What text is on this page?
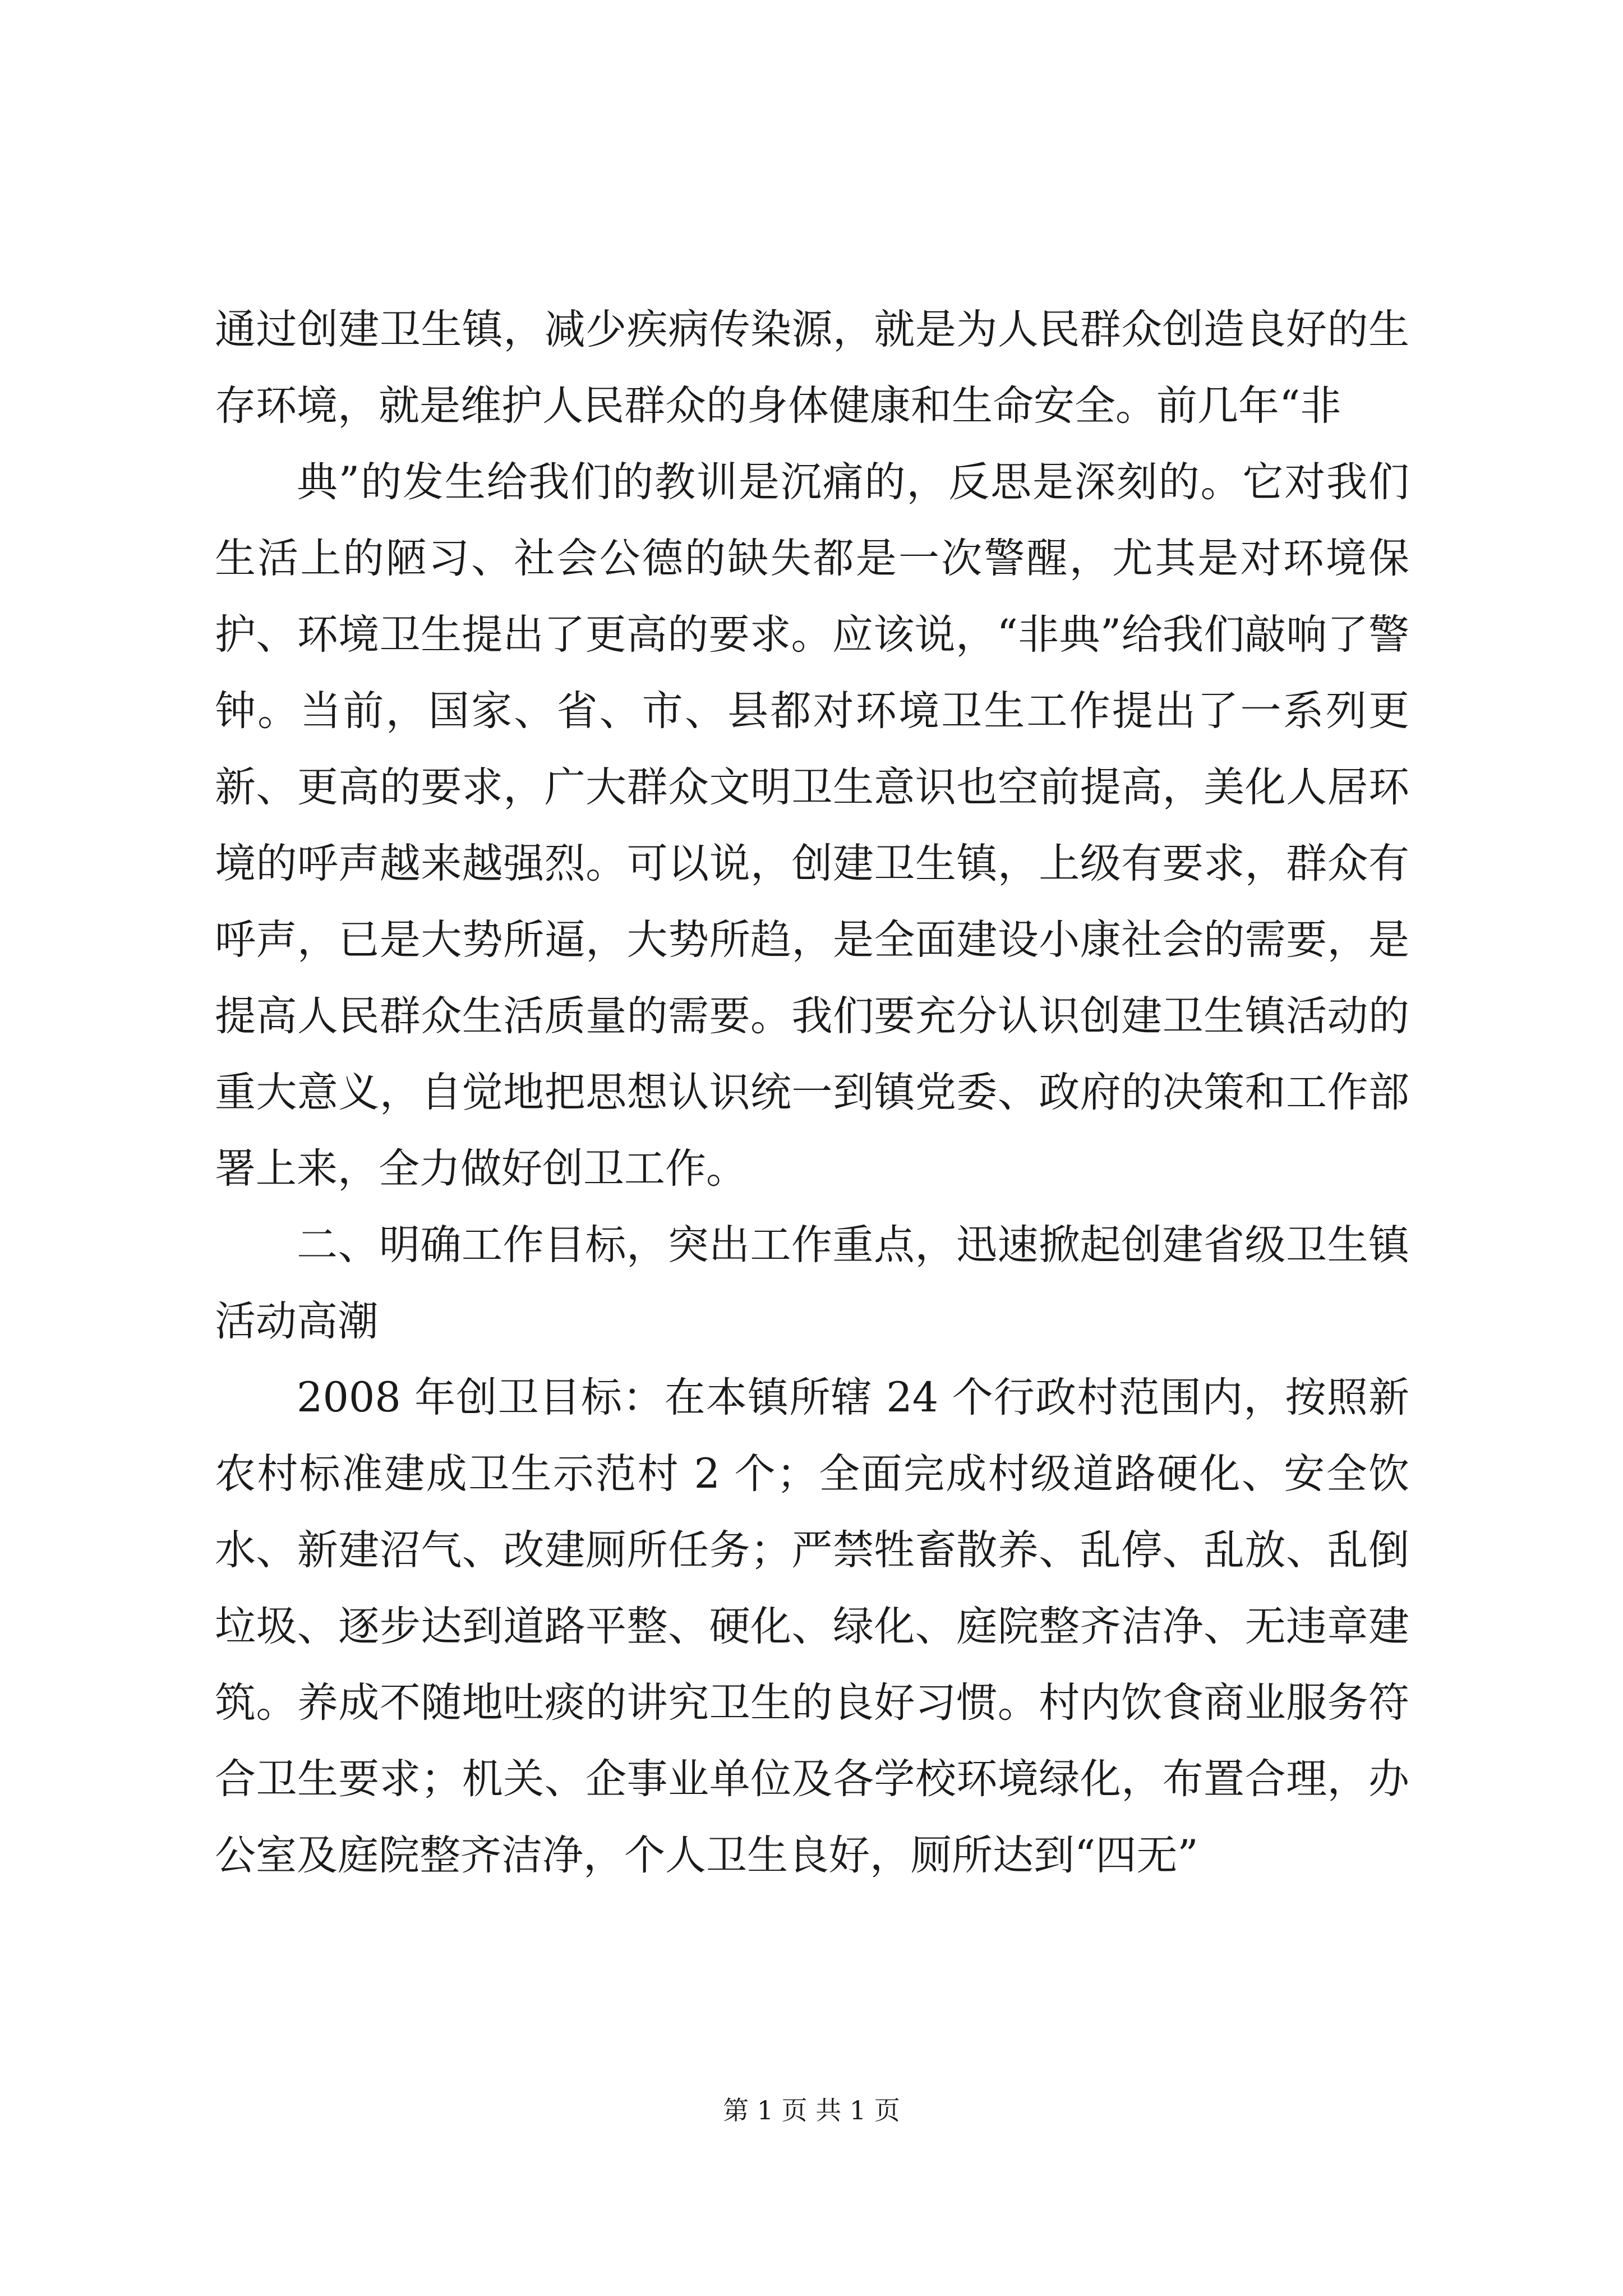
通过创建卫生镇，减少疾病传染源，就是为人民群众创造良好的生存环境，就是维护人民群众的身体健康和生命安全。前几年“非

典”的发生给我们的教训是沉痛的，反思是深刻的。它对我们生活上的陋习、社会公德的缺失都是一次警醒，尤其是对环境保护、环境卫生提出了更高的要求。应该说，“非典”给我们敲响了警钟。当前，国家、省、市、县都对环境卫生工作提出了一系列更新、更高的要求，广大群众文明卫生意识也空前提高，美化人居环境的呼声越来越强烈。可以说，创建卫生镇，上级有要求，群众有呼声，已是大势所逼，大势所趋，是全面建设小康社会的需要，是提高人民群众生活质量的需要。我们要充分认识创建卫生镇活动的重大意义，自觉地把思想认识统一到镇党委、政府的决策和工作部署上来，全力做好创卫工作。

二、明确工作目标，突出工作重点，迅速掀起创建省级卫生镇活动高潮

2008 年创卫目标：在本镇所辖 24 个行政村范围内，按照新农村标准建成卫生示范村 2 个；全面完成村级道路硬化、安全饮水、新建沼气、改建厕所任务；严禁牲畜散养、乱停、乱放、乱倒垃圾、逐步达到道路平整、硬化、绿化、庭院整齐洁净、无违章建筑。养成不随地吐痰的讲究卫生的良好习惯。村内饮食商业服务符合卫生要求；机关、企事业单位及各学校环境绿化，布置合理，办公室及庭院整齐洁净，个人卫生良好，厕所达到“四无”

第 1 页 共 1 页
